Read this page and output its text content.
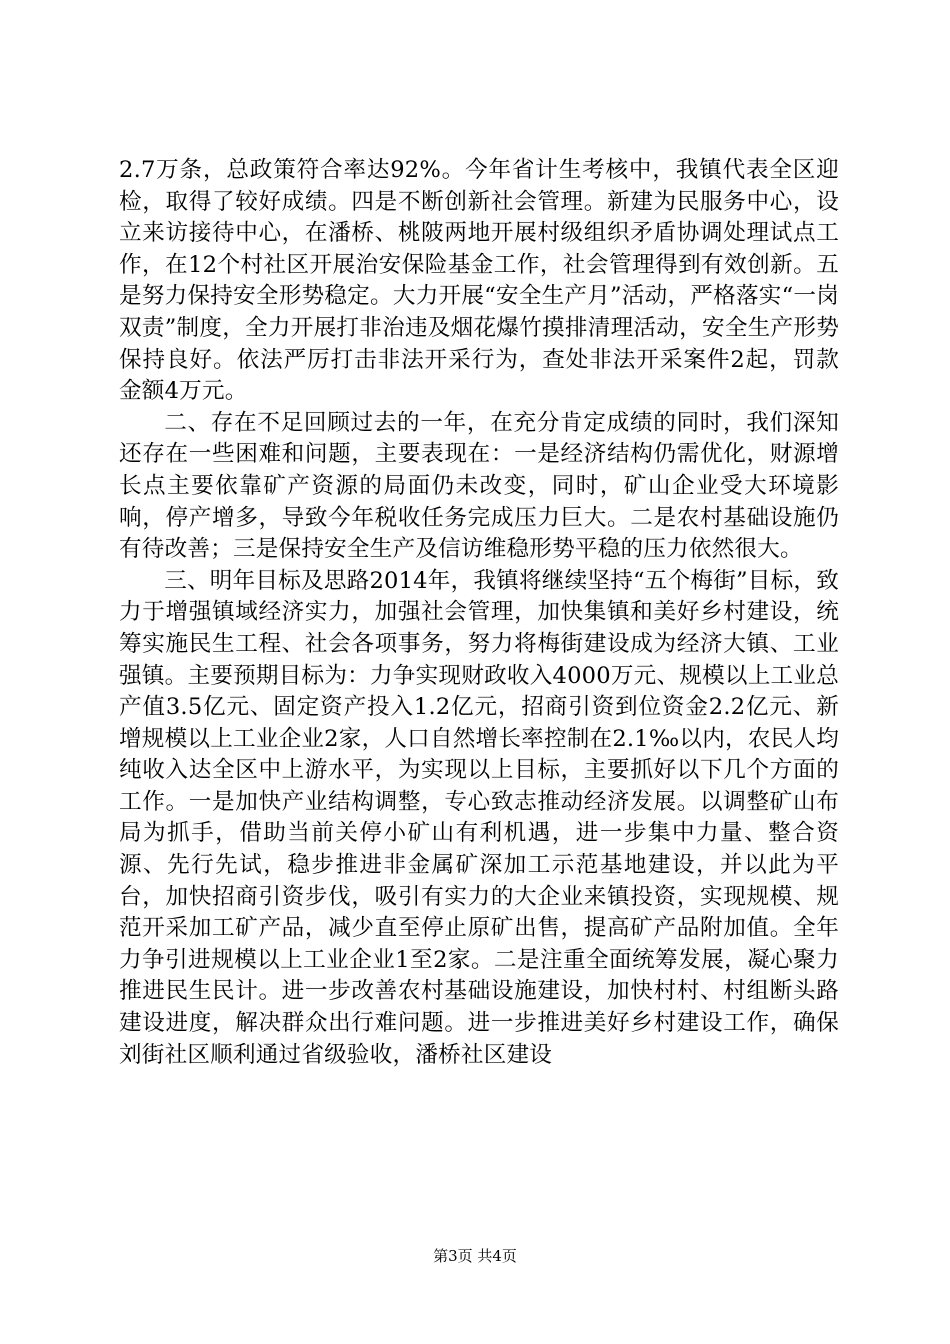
2.7万条，总政策符合率达92%。今年省计生考核中，我镇代表全区迎检，取得了较好成绩。四是不断创新社会管理。新建为民服务中心，设立来访接待中心，在潘桥、桃陂两地开展村级组织矛盾协调处理试点工作，在12个村社区开展治安保险基金工作，社会管理得到有效创新。五是努力保持安全形势稳定。大力开展“安全生产月”活动，严格落实“一岗双责”制度，全力开展打非治违及烟花爆竹摸排清理活动，安全生产形势保持良好。依法严厉打击非法开采行为，查处非法开采案件2起，罚款金额4万元。

二、存在不足回顾过去的一年，在充分肯定成绩的同时，我们深知还存在一些困难和问题，主要表现在：一是经济结构仍需优化，财源增长点主要依靠矿产资源的局面仍未改变，同时，矿山企业受大环境影响，停产增多，导致今年税收任务完成压力巨大。二是农村基础设施仍有待改善；三是保持安全生产及信访维稳形势平稳的压力依然很大。

三、明年目标及思路2014年，我镇将继续坚持“五个梅街”目标，致力于增强镇域经济实力，加强社会管理，加快集镇和美好乡村建设，统筹实施民生工程、社会各项事务，努力将梅街建设成为经济大镇、工业强镇。主要预期目标为：力争实现财政收入4000万元、规模以上工业总产值3.5亿元、固定资产投入1.2亿元，招商引资到位资金2.2亿元、新增规模以上工业企业2家，人口自然增长率控制在2.1‰以内，农民人均纯收入达全区中上游水平，为实现以上目标，主要抓好以下几个方面的工作。一是加快产业结构调整，专心致志推动经济发展。以调整矿山布局为抓手，借助当前关停小矿山有利机遇，进一步集中力量、整合资源、先行先试，稳步推进非金属矿深加工示范基地建设，并以此为平台，加快招商引资步伐，吸引有实力的大企业来镇投资，实现规模、规范开采加工矿产品，减少直至停止原矿出售，提高矿产品附加值。全年力争引进规模以上工业企业1至2家。二是注重全面统筹发展，凝心聚力推进民生民计。进一步改善农村基础设施建设，加快村村、村组断头路建设进度，解决群众出行难问题。进一步推进美好乡村建设工作，确保刘街社区顺利通过省级验收，潘桥社区建设

第3页 共4页
